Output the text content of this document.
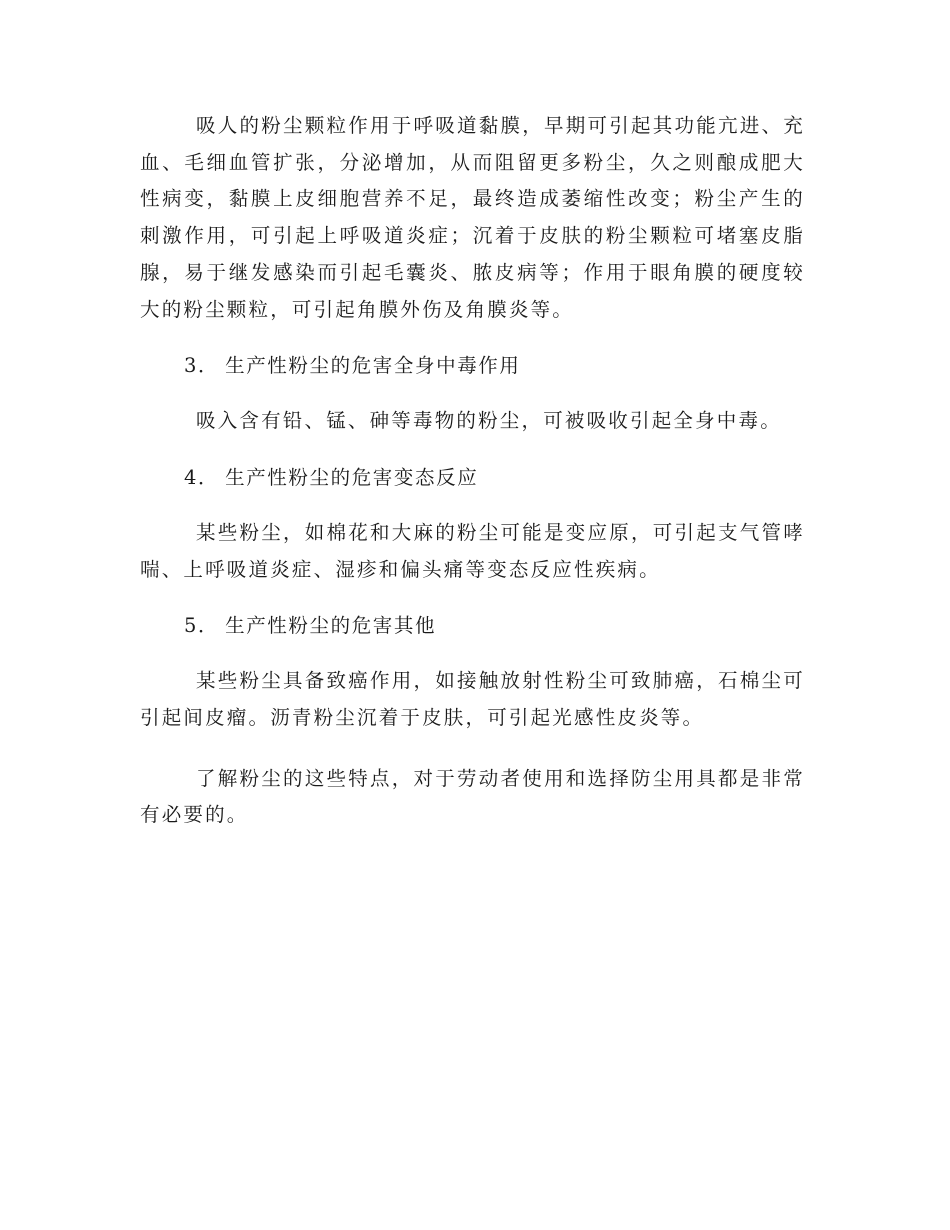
吸人的粉尘颗粒作用于呼吸道黏膜，早期可引起其功能亢进、充血、毛细血管扩张，分泌增加，从而阻留更多粉尘，久之则酿成肥大性病变，黏膜上皮细胞营养不足，最终造成萎缩性改变；粉尘产生的刺激作用，可引起上呼吸道炎症；沉着于皮肤的粉尘颗粒可堵塞皮脂腺，易于继发感染而引起毛囊炎、脓皮病等；作用于眼角膜的硬度较大的粉尘颗粒，可引起角膜外伤及角膜炎等。

3． 生产性粉尘的危害全身中毒作用

吸入含有铅、锰、砷等毒物的粉尘，可被吸收引起全身中毒。

4． 生产性粉尘的危害变态反应

某些粉尘，如棉花和大麻的粉尘可能是变应原，可引起支气管哮喘、上呼吸道炎症、湿疹和偏头痛等变态反应性疾病。

5． 生产性粉尘的危害其他

某些粉尘具备致癌作用，如接触放射性粉尘可致肺癌，石棉尘可引起间皮瘤。沥青粉尘沉着于皮肤，可引起光感性皮炎等。

了解粉尘的这些特点，对于劳动者使用和选择防尘用具都是非常有必要的。
